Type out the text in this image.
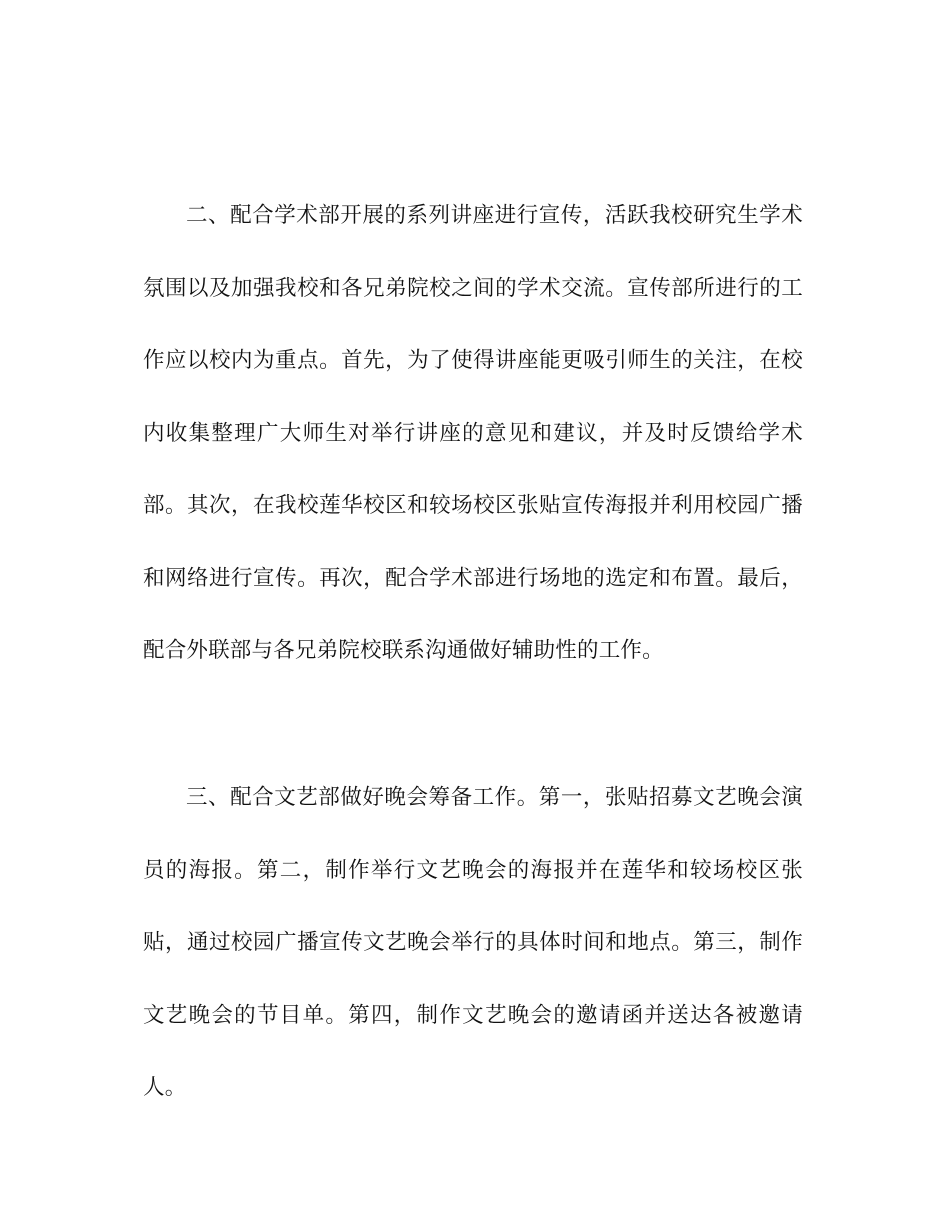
二、配合学术部开展的系列讲座进行宣传，活跃我校研究生学术氛围以及加强我校和各兄弟院校之间的学术交流。宣传部所进行的工作应以校内为重点。首先，为了使得讲座能更吸引师生的关注，在校内收集整理广大师生对举行讲座的意见和建议，并及时反馈给学术部。其次，在我校莲华校区和较场校区张贴宣传海报并利用校园广播和网络进行宣传。再次，配合学术部进行场地的选定和布置。最后，配合外联部与各兄弟院校联系沟通做好辅助性的工作。

三、配合文艺部做好晚会筹备工作。第一，张贴招募文艺晚会演员的海报。第二，制作举行文艺晚会的海报并在莲华和较场校区张贴，通过校园广播宣传文艺晚会举行的具体时间和地点。第三，制作文艺晚会的节目单。第四，制作文艺晚会的邀请函并送达各被邀请人。
